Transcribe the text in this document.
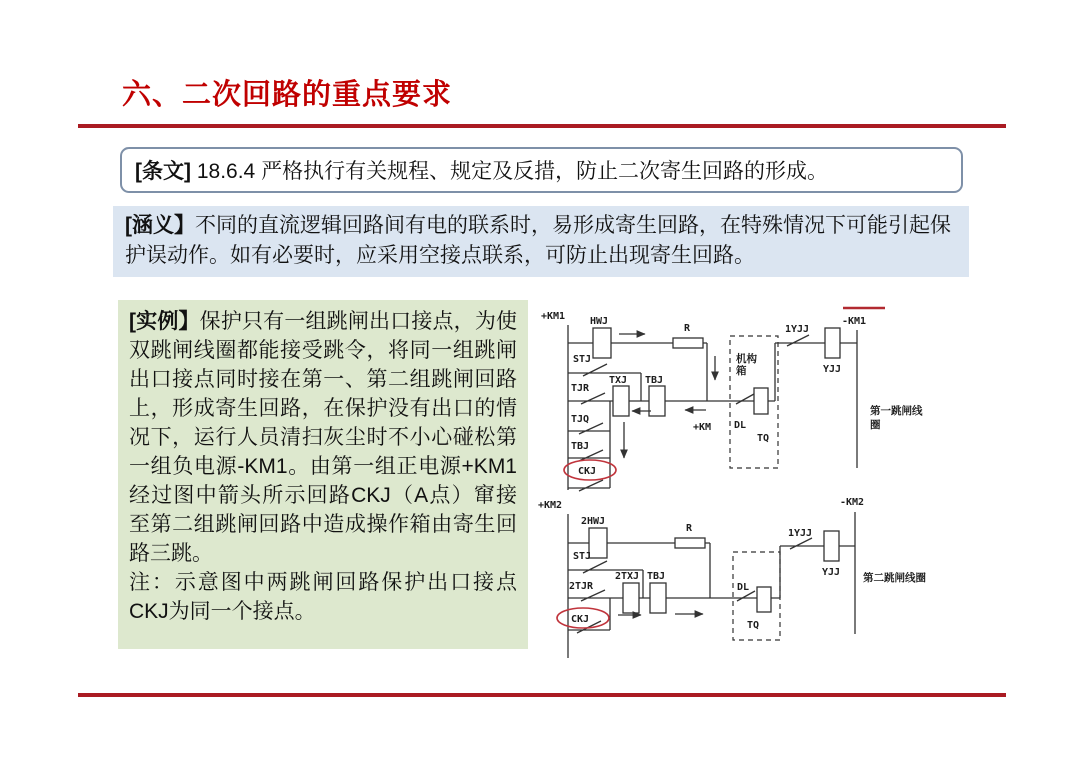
六、二次回路的重点要求

[条文] 18.6.4 严格执行有关规程、规定及反措，防止二次寄生回路的形成。

[涵义】不同的直流逻辑回路间有电的联系时，易形成寄生回路，在特殊情况下可能引起保护误动作。如有必要时，应采用空接点联系，可防止出现寄生回路。

[实例】保护只有一组跳闸出口接点，为使双跳闸线圈都能接受跳令，将同一组跳闸出口接点同时接在第一、第二组跳闸回路上，形成寄生回路，在保护没有出口的情况下，运行人员清扫灰尘时不小心碰松第一组负电源-KM1。由第一组正电源+KM1经过图中箭头所示回路CKJ（A点）窜接至第二组跳闸回路中造成操作箱由寄生回路三跳。
注：示意图中两跳闸回路保护出口接点CKJ为同一个接点。

+KM1 HWJ
R
STJ
TJR
TXJ TBJ
TJQ
TBJ
CKJ
+KM
机构
箱
DL
TQ
1YJJ
YJJ
-KM1
第一跳闸线
圈
+KM2
2HWJ
R
STJ
2TJR
2TXJ TBJ
CKJ
DL
TQ
1YJJ
YJJ
-KM2
第二跳闸线圈
